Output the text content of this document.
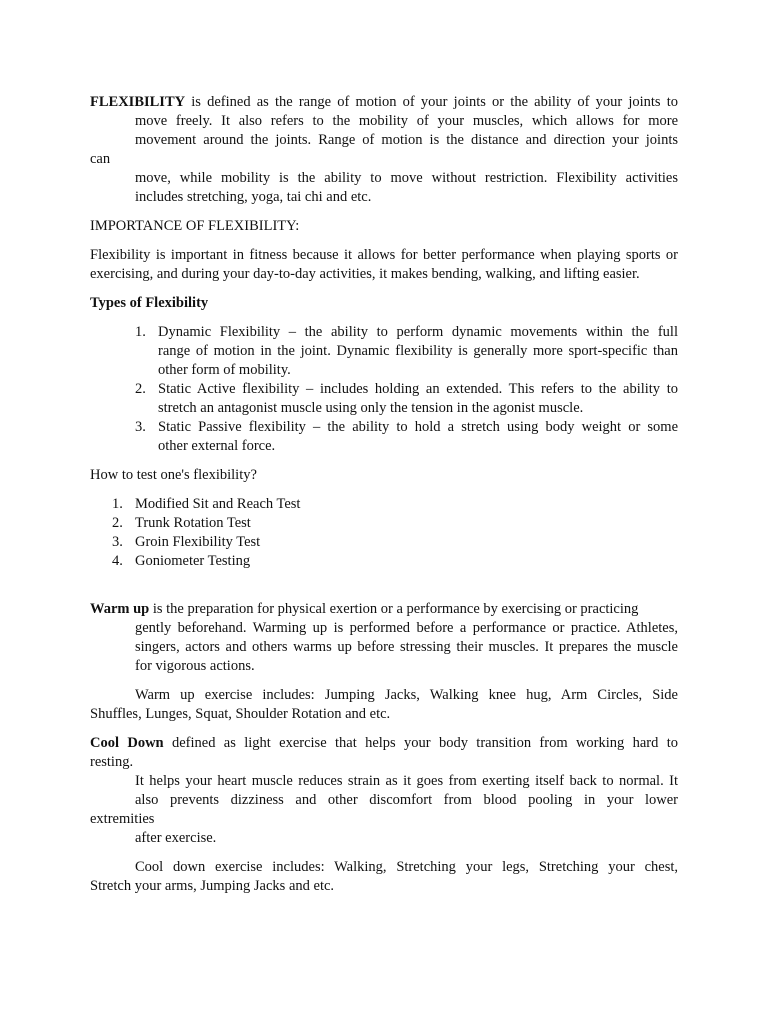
FLEXIBILITY is defined as the range of motion of your joints or the ability of your joints to

move freely. It also refers to the mobility of your muscles, which allows for more

movement around the joints. Range of motion is the distance and direction your joints

can

move, while mobility is the ability to move without restriction. Flexibility activities

includes stretching, yoga, tai chi and etc.

IMPORTANCE OF FLEXIBILITY:

Flexibility is important in fitness because it allows for better performance when playing sports or

exercising, and during your day-to-day activities, it makes bending, walking, and lifting easier.

Types of Flexibility

1. Dynamic Flexibility – the ability to perform dynamic movements within the full

range of motion in the joint. Dynamic flexibility is generally more sport-specific than

other form of mobility.

2. Static Active flexibility – includes holding an extended. This refers to the ability to

stretch an antagonist muscle using only the tension in the agonist muscle.

3. Static Passive flexibility – the ability to hold a stretch using body weight or some

other external force.

How to test one's flexibility?

1. Modified Sit and Reach Test
2. Trunk Rotation Test
3. Groin Flexibility Test
4. Goniometer Testing

Warm up is the preparation for physical exertion or a performance by exercising or practicing

gently beforehand. Warming up is performed before a performance or practice. Athletes,

singers, actors and others warms up before stressing their muscles. It prepares the muscle

for vigorous actions.

Warm up exercise includes: Jumping Jacks, Walking knee hug, Arm Circles, Side

Shuffles, Lunges, Squat, Shoulder Rotation and etc.

Cool Down defined as light exercise that helps your body transition from working hard to

resting.

It helps your heart muscle reduces strain as it goes from exerting itself back to normal. It

also prevents dizziness and other discomfort from blood pooling in your lower

extremities

after exercise.

Cool down exercise includes: Walking, Stretching your legs, Stretching your chest,

Stretch your arms, Jumping Jacks and etc.
